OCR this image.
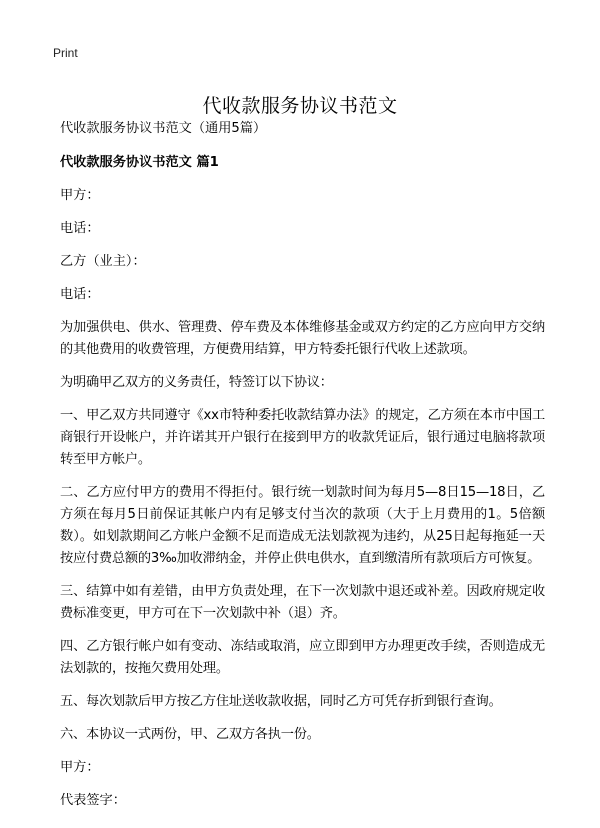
Print
代收款服务协议书范文

代收款服务协议书范文（通用5篇）

代收款服务协议书范文 篇1

甲方：

电话：

乙方（业主）：

电话：

为加强供电、供水、管理费、停车费及本体维修基金或双方约定的乙方应向甲方交纳的其他费用的收费管理，方便费用结算，甲方特委托银行代收上述款项。

为明确甲乙双方的义务责任，特签订以下协议：

一、甲乙双方共同遵守《xx市特种委托收款结算办法》的规定，乙方须在本市中国工商银行开设帐户，并许诺其开户银行在接到甲方的收款凭证后，银行通过电脑将款项转至甲方帐户。

二、乙方应付甲方的费用不得拒付。银行统一划款时间为每月5—8日15—18日，乙方须在每月5日前保证其帐户内有足够支付当次的款项（大于上月费用的1。5倍额数）。如划款期间乙方帐户金额不足而造成无法划款视为违约，从25日起每拖延一天按应付费总额的3‰加收滞纳金，并停止供电供水，直到缴清所有款项后方可恢复。

三、结算中如有差错，由甲方负责处理，在下一次划款中退还或补差。因政府规定收费标准变更，甲方可在下一次划款中补（退）齐。

四、乙方银行帐户如有变动、冻结或取消，应立即到甲方办理更改手续，否则造成无法划款的，按拖欠费用处理。

五、每次划款后甲方按乙方住址送收款收据，同时乙方可凭存折到银行查询。

六、本协议一式两份，甲、乙双方各执一份。

甲方：

代表签字：
